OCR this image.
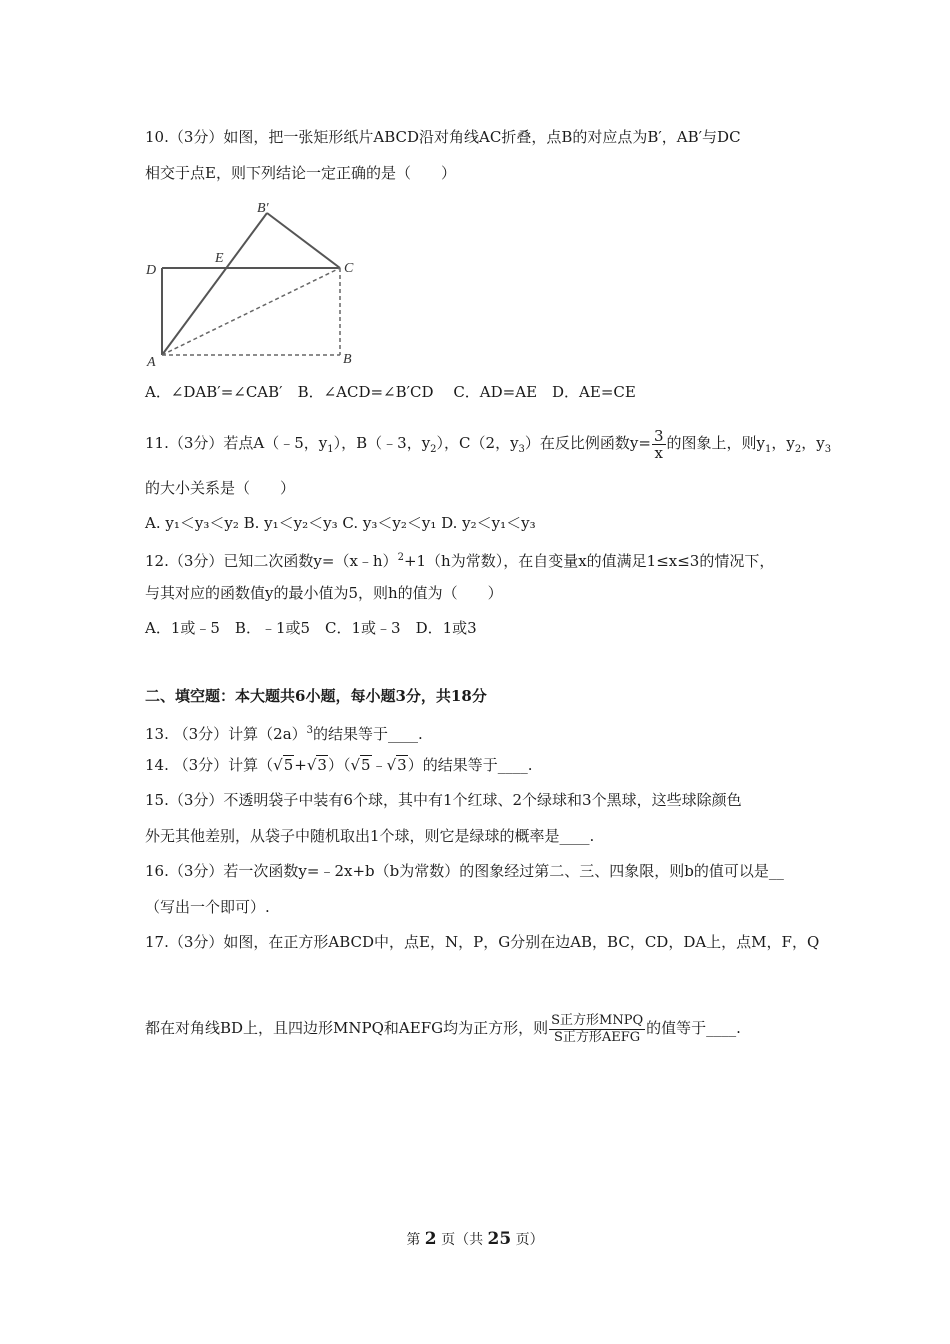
10.（3分）如图，把一张矩形纸片ABCD沿对角线AC折叠，点B的对应点为B′，AB′与DC
相交于点E，则下列结论一定正确的是（　　）
B′
D
E
C
A	B
A．∠DAB′=∠CAB′　B．∠ACD=∠B′CD　 C．AD=AE　D．AE=CE
11.（3分）若点A（﹣5，$y_1$），B（﹣3，$y_2$），C（2，$y_3$）在反比例函数$y= \frac{3}{x}$ 的图象上，则$y_1$，$y_2$，$y_3$
的大小关系是（　　）
A. y₁＜y₃＜y₂ B. y₁＜y₂＜y₃ C. y₃＜y₂＜y₁ D. y₂＜y₁＜y₃
12.（3分）已知二次函数y=（x﹣h）$^2$+1（h为常数），在自变量x的值满足1≤x≤3的情况下，
与其对应的函数值y的最小值为5，则h的值为（　　）
A．1或﹣5　B．﹣1或5　C．1或﹣3　D．1或3
二、填空题：本大题共6小题，每小题3分，共18分
13. （3分）计算$(2a)^3$的结果等于____.
14. （3分）计算（√5+√3）（√5﹣√3）的结果等于____.
15.（3分）不透明袋子中装有6个球，其中有1个红球、2个绿球和3个黑球，这些球除颜色
外无其他差别，从袋子中随机取出1个球，则它是绿球的概率是____.
16.（3分）若一次函数y=﹣2x+b（b为常数）的图象经过第二、三、四象限，则b的值可以是__
（写出一个即可）.
17.（3分）如图，在正方形ABCD中，点E，N，P，G分别在边AB，BC，CD，DA上，点M，F，Q
都在对角线BD上，且四边形MNPQ和AEFG均为正方形，则 $\frac{\text{S正方形MNPQ}}{\text{S正方形AEFG}}$ 的值等于____.
第 2 页（共 25 页）
